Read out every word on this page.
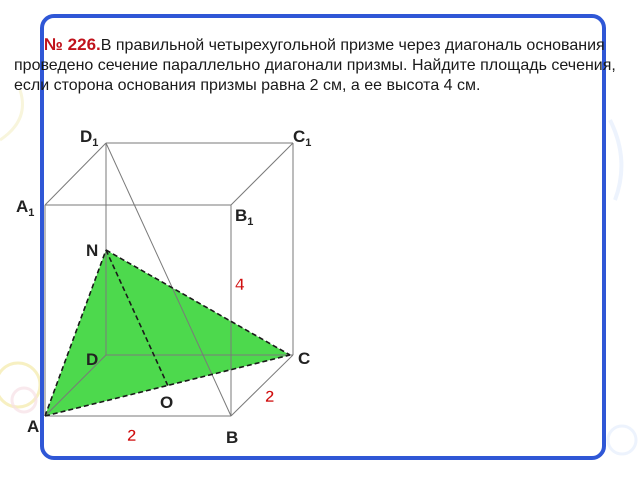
№ 226.В правильной четырехугольной призме через диагональ основания проведено сечение параллельно диагонали призмы. Найдите площадь сечения, если сторона основания призмы равна 2 см, а ее высота 4 см.
$D_1$	$C_1$
$A_1$	$B_1$
N
D	C
O
A
B
4
2
2
